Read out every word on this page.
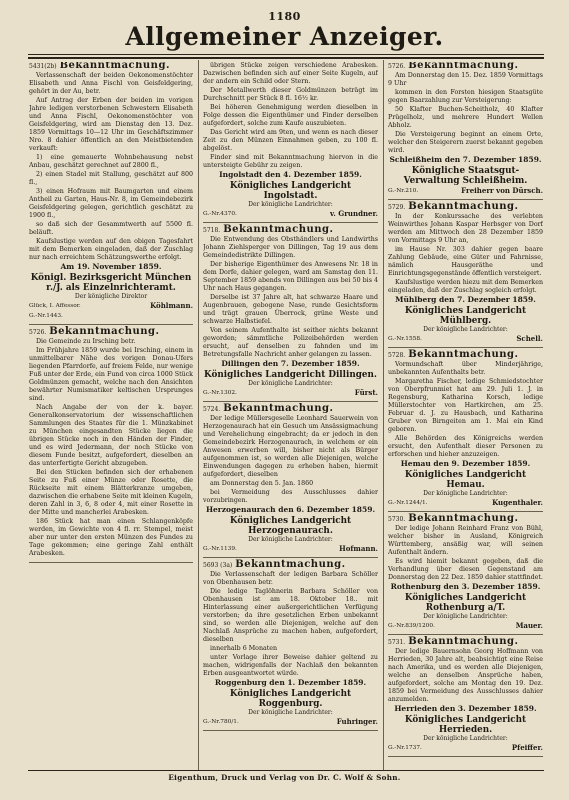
1180
Allgemeiner Anzeiger.
5431(2b) Bekanntmachung.

Verlassenschaft der beiden Oekonomenstöchter Elisabeth und Anna Fischl von Geisfeldgering, gehört in der Au, betr.

Auf Antrag der Erben der beiden im vorigen Jahre ledigen verstorbenen Schwestern Elisabeth und Anna Fischl, Oekonomenstöchter von Geisfeldgering, wird am Dienstag den 13. Dez. 1859 Vormittags 10—12 Uhr im Geschäftszimmer Nro. 8 dahier öffentlich an den Meistbietenden verkauft:

1) eine gemauerte Wohnbehausung nebst Anbau, geschätzt gerechnet auf 2800 fl.,

2) einen Stadel mit Stallung, geschätzt auf 800 fl.,

3) einen Hofraum mit Baumgarten und einem Antheil zu Garten, Haus-Nr. 8, im Gemeindebezirk Geisfeldgering gelegen, gerichtlich geschätzt zu 1900 fl.,

so daß sich der Gesammtwerth auf 5500 fl. beläuft.

Kaufslustige werden auf den obigen Tagesfahrt mit dem Bemerken eingeladen, daß der Zuschlag nur nach erreichtem Schätzungswerthe erfolgt.

Am 19. November 1859.
Königl. Bezirksgericht München r./J. als Einzelnrichteramt.
Der königliche Direktor
Glück, I. Affessor.	Köhlmann.
G.-Nr.1443.
5726. Bekanntmachung.

Die Gemeinde zu Irsching betr.

Im Frühjahre 1859 wurde bei Irsching, einem in unmittelbarer Nähe des vorigen Donau-Ufers liegenden Pfarrdorfe, auf freiem Felde, nur wenige Fuß unter der Erde, ein Fund von circa 1000 Stück Goldmünzen gemacht, welche nach den Ansichten bewährter Numismatiker keltischen Ursprunges sind.

Nach Angabe der von der k. bayer. Generalkonservatorium der wissenschaftlichen Sammlungen des Staates für die 1. Münzkabinet zu München eingesandten Stücke liegen die übrigen Stücke noch in den Händen der Finder, und es wird Jedermann, der noch Stücke von diesem Funde besitzt, aufgefordert, dieselben an das unterfertigte Gericht abzugeben.

Bei den Stücken befinden sich der erhabenen Seite zu Fuß einer Münze oder Rosette, die Rückseite mit einem Blätterkranze umgeben, dazwischen die erhabene Seite mit kleinen Kugeln, deren Zahl in 3, 6, 8 oder 4, mit einer Rosette in der Mitte und mancherlei Arabesken.

186 Stück hat man einen Schlangenköpfe werden, im Gewichte von 4 fl. rr. Stempel, meist aber nur unter den ersten Münzen des Fundes zu Tage gekommen; eine geringe Zahl enthält Arabesken.

übrigen Stücke zeigen verschiedene Arabesken. Dazwischen befinden sich auf einer Seite Kugeln, auf der andern ein Schild oder Stern.

Der Metallwerth dieser Goldmünzen beträgt im Durchschnitt per Stück 8 fl. 16½ kr.

Bei höheren Genehmigung werden dieselben in Folge dessen die Eigenthümer und Finder derselben aufgefordert, solche zum Kaufe auszubieten.

Das Gericht wird am 9ten, und wenn es nach dieser Zeit zu den Münzen Einnahmen geben, zu 100 fl. abgelöst.

Finder sind mit Bekanntmachung hiervon in die untersteigte Gebühr zu zeigen.

Ingolstadt den 4. Dezember 1859.
Königliches Landgericht Ingolstadt.
Der königliche Landrichter:
G.-Nr.4370.	v. Grundner.
5718. Bekanntmachung.

Die Entwendung des Obsthändlers und Landwirths Johann Ziehlsperger von Dillingen, Tag 19 aus dem Gemeindedistrikte Dillingen.

Der bisherige Eigenthümer des Anwesens Nr. 18 in dem Dorfe, dahier gelegen, ward am Samstag den 11. September 1859 abends von Dillingen aus bei 50 bis 4 Uhr nach Haus gegangen.

Derselbe ist 37 Jahre alt, hat schwarze Haare und Augenbrauen, gebogene Nase, runde Gesichtsform und trägt grauen Überrock, grüne Weste und schwarze Halbstiefel.

Von seinem Aufenthalte ist seither nichts bekannt geworden; sämmtliche Polizeibehörden werden ersucht, auf denselben zu fahnden und im Betretungsfalle Nachricht anher gelangen zu lassen.

Dillingen den 7. Dezember 1859.
Königliches Landgericht Dillingen.
Der königliche Landrichter:
G.-Nr.1302.	Fürst.
5724. Bekanntmachung.

Der ledige Müllersgeselle Leonhard Sauerwein von Herzogenaurach hat ein Gesuch um Ansässigmachung und Verehelichung eingebracht; da er jedoch in den Gemeindebezirk Herzogenaurach, in welchem er ein Anwesen erwerben will, bisher nicht als Bürger aufgenommen ist, so werden alle Diejenigen, welche Einwendungen dagegen zu erheben haben, hiermit aufgefordert, dieselben

am Donnerstag den 5. Jan. 1860

bei Vermeidung des Ausschlusses dahier vorzubringen.

Herzogenaurach den 6. Dezember 1859.
Königliches Landgericht Herzogenaurach.
Der königliche Landrichter:
G.-Nr.1139.	Hofmann.
5693 (3a) Bekanntmachung.

Die Verlassenschaft der ledigen Barbara Schöller von Obenhausen betr.

Die ledige Taglöhnerin Barbara Schöller von Obenhausen ist am 18. Oktober 18.. mit Hinterlassung einer außergerichtlichen Verfügung verstorben; da ihre gesetzlichen Erben unbekannt sind, so werden alle Diejenigen, welche auf den Nachlaß Ansprüche zu machen haben, aufgefordert, dieselben

innerhalb 6 Monaten

unter Vorlage ihrer Beweise dahier geltend zu machen, widrigenfalls der Nachlaß den bekannten Erben ausgeantwortet würde.

Roggenburg den 1. Dezember 1859.
Königliches Landgericht Roggenburg.
Der königliche Landrichter:
G.-Nr.780/1.	Fuhringer.
5726. Bekanntmachung.

Am Donnerstag den 15. Dez. 1859 Vormittags 9 Uhr

kommen in den Forsten hiesigen Staatsgüte gegen Baarzahlung zur Versteigerung:

50 Klafter Buchen-Scheitholz, 40 Klafter Prügelholz, und mehrere Hundert Wellen Abholz.

Die Versteigerung beginnt an einem Orte, welcher den Steigerern zuerst bekannt gegeben wird.

Schleißheim den 7. Dezember 1859.
Königliche Staatsgut-Verwaltung Schleißheim.
G.-Nr.210.	Freiherr von Dürsch.
5729. Bekanntmachung.

In der Konkurssache des verlebten Weinwirthes Johann Kaspar Herbsger von Dorf werden am Mittwoch den 28 Dezember 1859 von Vormittags 9 Uhr an,

im Hause Nr. 303 dahier gegen baare Zahlung Gebäude, eine Güter und Fahrnisse, nämlich Hausgeräthe und Einrichtungsgegenstände öffentlich versteigert.

Kaufslustige werden hiezu mit dem Bemerken eingeladen, daß der Zuschlag sogleich erfolgt.

Mühlberg den 7. Dezember 1859.
Königliches Landgericht Mühlberg.
Der königliche Landrichter:
G.-Nr.1558.	Schell.
5728. Bekanntmachung.

Vormundschaft über Minderjährige, unbekannten Aufenthalts betr.

Margaretha Fischer, ledige Schmiedstochter von Oberpfrunmiet hat am 29. Juli 1. J. in Regensburg, Katharina Korsch, ledige Müllerstochter von Hartkirchen, am 25. Februar d. J. zu Hausbach, und Katharina Gruber von Birngeiten am 1. Mai ein Kind geboren.

Alle Behörden des Königreichs werden ersucht, den Aufenthalt dieser Personen zu erforschen und hieher anzuzeigen.

Hemau den 9. Dezember 1859.
Königliches Landgericht Hemau.
Der königliche Landrichter:
G.-Nr.1244/1.	Kugenthaler.
5730. Bekanntmachung.

Der ledige Johann Reinhard Franz von Bühl, welcher bisher in Ausland, Königreich Württemberg, ansäßig war, will seinen Aufenthalt ändern.

Es wird hiemit bekannt gegeben, daß die Verhandlung über diesen Gegenstand am Donnerstag den 22 Dez. 1859 dahier stattfindet.

Rothenburg den 3. Dezember 1859.
Königliches Landgericht Rothenburg a/T.
Der königliche Landrichter:
G.-Nr.839/1200.	Mauer.
5731. Bekanntmachung.

Der ledige Bauernsohn Georg Hoffmann von Herrieden, 30 Jahre alt, beabsichtigt eine Reise nach Amerika, und es werden alle Diejenigen, welche an denselben Ansprüche haben, aufgefordert, solche am Montag den 19. Dez. 1859 bei Vermeidung des Ausschlusses dahier anzumelden.

Herrieden den 3. Dezember 1859.
Königliches Landgericht Herrieden.
Der königliche Landrichter:
G.-Nr.1737.	Pfeiffer.
Eigenthum, Druck und Verlag von Dr. C. Wolf & Sohn.
